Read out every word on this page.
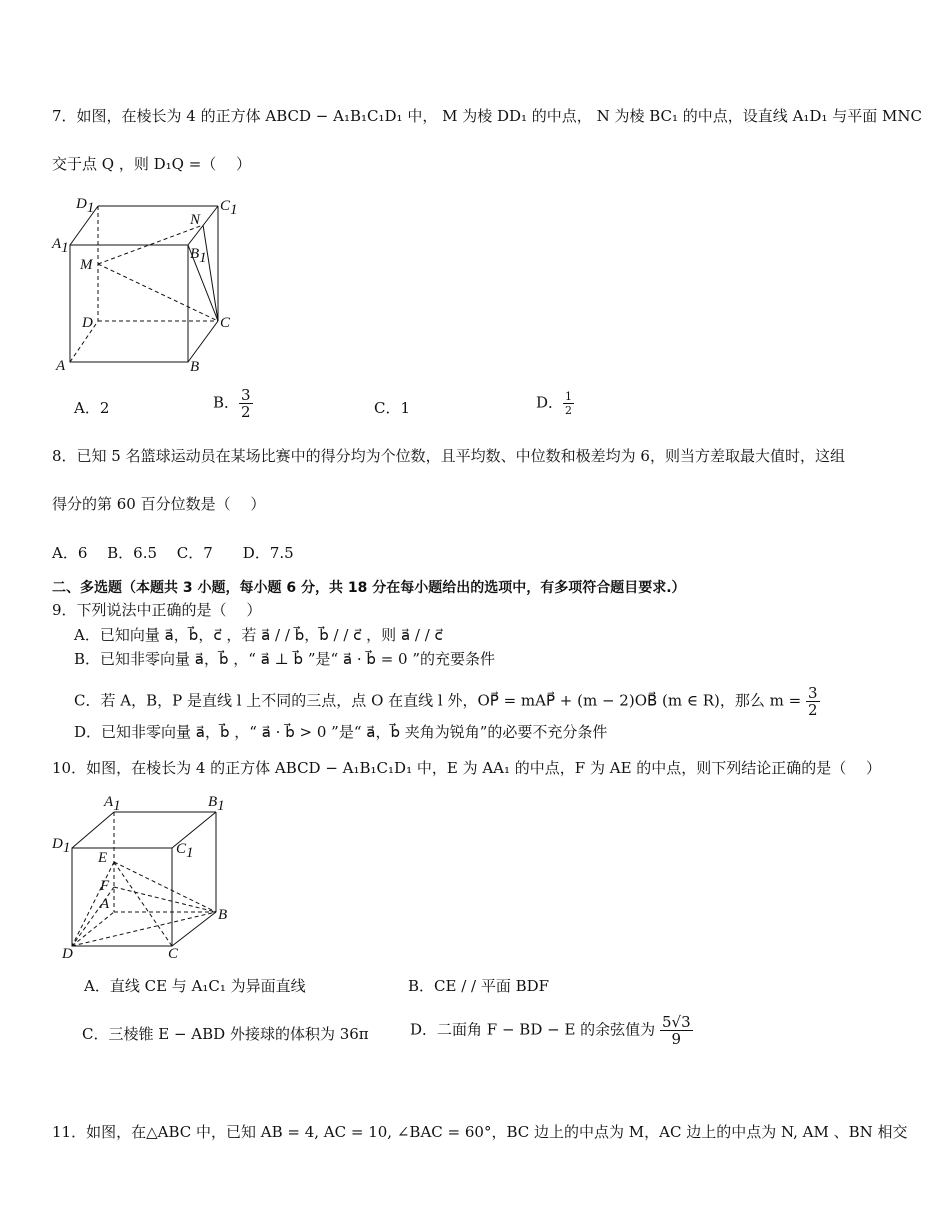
7．如图，在棱长为 4 的正方体 ABCD − A₁B₁C₁D₁ 中， M 为棱 DD₁ 的中点， N 为棱 BC₁ 的中点，设直线 A₁D₁ 与平面 MNC
交于点 Q ，则 D₁Q =（　 ）
D1	C1
A1
N
B1
M
D	C
A	B
A．2	B． $\frac{3}{2}$	C．1	D． $\frac{1}{2}$
8．已知 5 名篮球运动员在某场比赛中的得分均为个位数，且平均数、中位数和极差均为 6，则当方差取最大值时，这组
得分的第 60 百分位数是（　 ）
A．6　 B．6.5　 C．7　　D．7.5
二、多选题（本题共 3 小题，每小题 6 分，共 18 分在每小题给出的选项中，有多项符合题目要求.）
9．下列说法中正确的是（　 ）
A．已知向量 a⃗，b⃗，c⃗ ，若 a⃗ / / b⃗，b⃗ / / c⃗ ，则 a⃗ / / c⃗
B．已知非零向量 a⃗，b⃗ ，“ a⃗ ⊥ b⃗ ”是“ a⃗ · b⃗ = 0 ”的充要条件
C．若 A，B，P 是直线 l 上不同的三点，点 O 在直线 l 外，OP⃗ = mAP⃗ + (m − 2)OB⃗ (m ∈ R)，那么 $m = \frac{3}{2}$
D．已知非零向量 a⃗，b⃗ ，“ a⃗ · b⃗ > 0 ”是“ a⃗，b⃗ 夹角为锐角”的必要不充分条件
10．如图，在棱长为 4 的正方体 ABCD − A₁B₁C₁D₁ 中，E 为 AA₁ 的中点，F 为 AE 的中点，则下列结论正确的是（　 ）
A1	B1
D1	C1
E
F
A
B
D	C
A．直线 CE 与 A₁C₁ 为异面直线	B．CE / / 平面 BDF
C．三棱锥 E − ABD 外接球的体积为 36π	D．二面角 F − BD − E 的余弦值为 $\frac{5√3}{9}$
11．如图，在△ABC 中，已知 AB = 4, AC = 10, ∠BAC = 60°，BC 边上的中点为 M，AC 边上的中点为 N, AM 、BN 相交
